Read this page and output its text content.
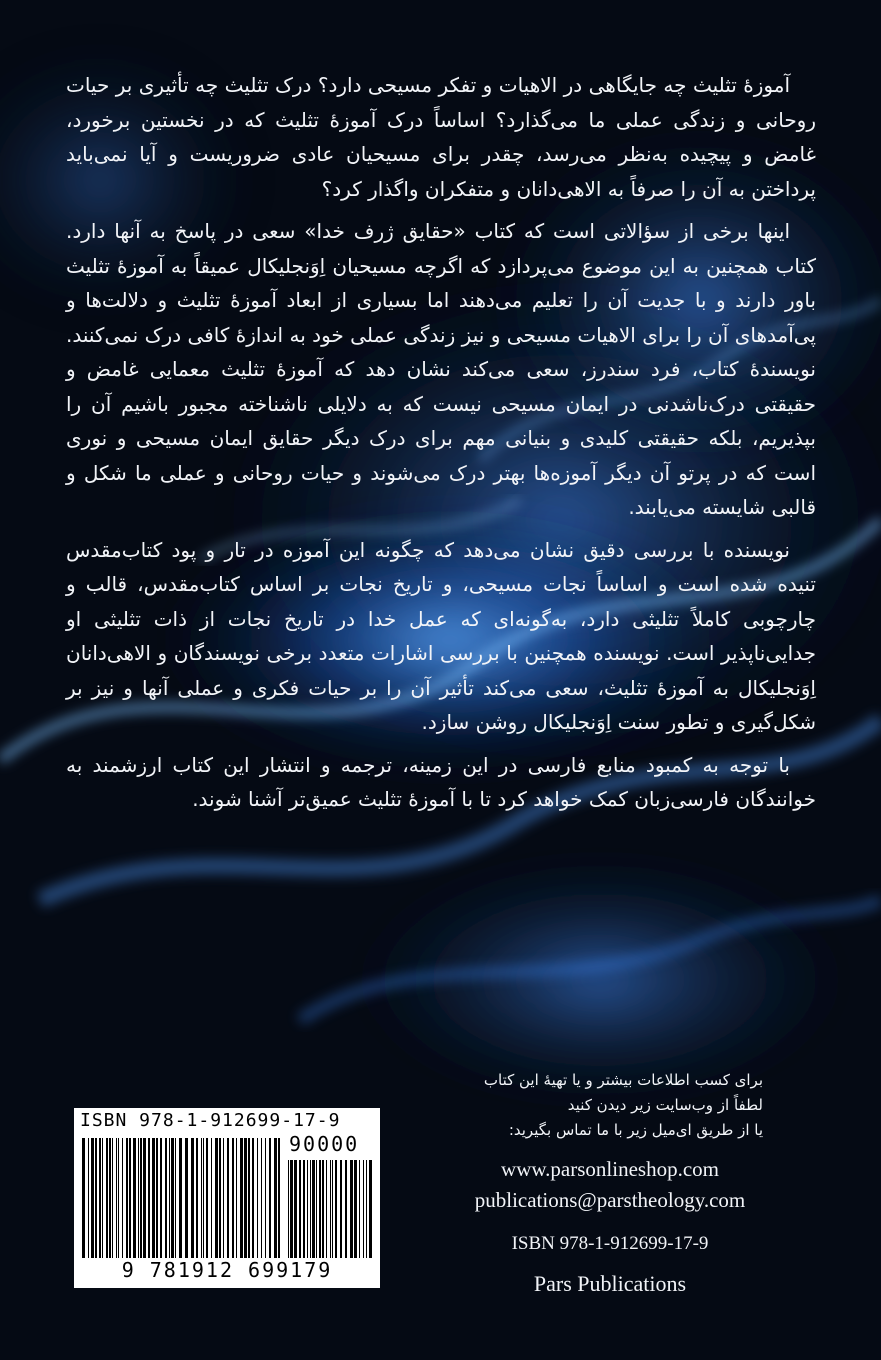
آموزهٔ تثلیث چه جایگاهی در الاهیات و تفکر مسیحی دارد؟ درک تثلیث چه تأثیری بر حیات روحانی و زندگی عملی ما می‌گذارد؟ اساساً درک آموزهٔ تثلیث که در نخستین برخورد، غامض و پیچیده به‌نظر می‌رسد، چقدر برای مسیحیان عادی ضروریست و آیا نمی‌باید پرداختن به آن را صرفاً به الاهی‌دانان و متفکران واگذار کرد؟

اینها برخی از سؤالاتی است که کتاب «حقایق ژرف خدا» سعی در پاسخ به آنها دارد. کتاب همچنین به این موضوع می‌پردازد که اگرچه مسیحیان اِوَنجلیکال عمیقاً به آموزهٔ تثلیث باور دارند و با جدیت آن را تعلیم می‌دهند اما بسیاری از ابعاد آموزهٔ تثلیث و دلالت‌ها و پی‌آمدهای آن را برای الاهیات مسیحی و نیز زندگی عملی خود به اندازهٔ کافی درک نمی‌کنند. نویسندهٔ کتاب، فرد سندرز، سعی می‌کند نشان دهد که آموزهٔ تثلیث معمایی غامض و حقیقتی درک‌ناشدنی در ایمان مسیحی نیست که به دلایلی ناشناخته مجبور باشیم آن را بپذیریم، بلکه حقیقتی کلیدی و بنیانی مهم برای درک دیگر حقایق ایمان مسیحی و نوری است که در پرتو آن دیگر آموزه‌ها بهتر درک می‌شوند و حیات روحانی و عملی ما شکل و قالبی شایسته می‌یابند.

نویسنده با بررسی دقیق نشان می‌دهد که چگونه این آموزه در تار و پود کتاب‌مقدس تنیده شده است و اساساً نجات مسیحی، و تاریخ نجات بر اساس کتاب‌مقدس، قالب و چارچوبی کاملاً تثلیثی دارد، به‌گونه‌ای که عمل خدا در تاریخ نجات از ذات تثلیثی او جدایی‌ناپذیر است. نویسنده همچنین با بررسی اشارات متعدد برخی نویسندگان و الاهی‌دانان اِوَنجلیکال به آموزهٔ تثلیث، سعی می‌کند تأثیر آن را بر حیات فکری و عملی آنها و نیز بر شکل‌گیری و تطور سنت اِوَنجلیکال روشن سازد.

با توجه به کمبود منابع فارسی در این زمینه، ترجمه و انتشار این کتاب ارزشمند به خوانندگان فارسی‌زبان کمک خواهد کرد تا با آموزهٔ تثلیث عمیق‌تر آشنا شوند.

برای کسب اطلاعات بیشتر و یا تهیهٔ این کتاب
لطفاً از وب‌سایت زیر دیدن کنید
یا از طریق ای‌میل زیر با ما تماس بگیرید:
www.parsonlineshop.com
publications@parstheology.com
ISBN 978-1-912699-17-9
Pars Publications
ISBN 978-1-912699-17-9
90000
9 781912 699179
